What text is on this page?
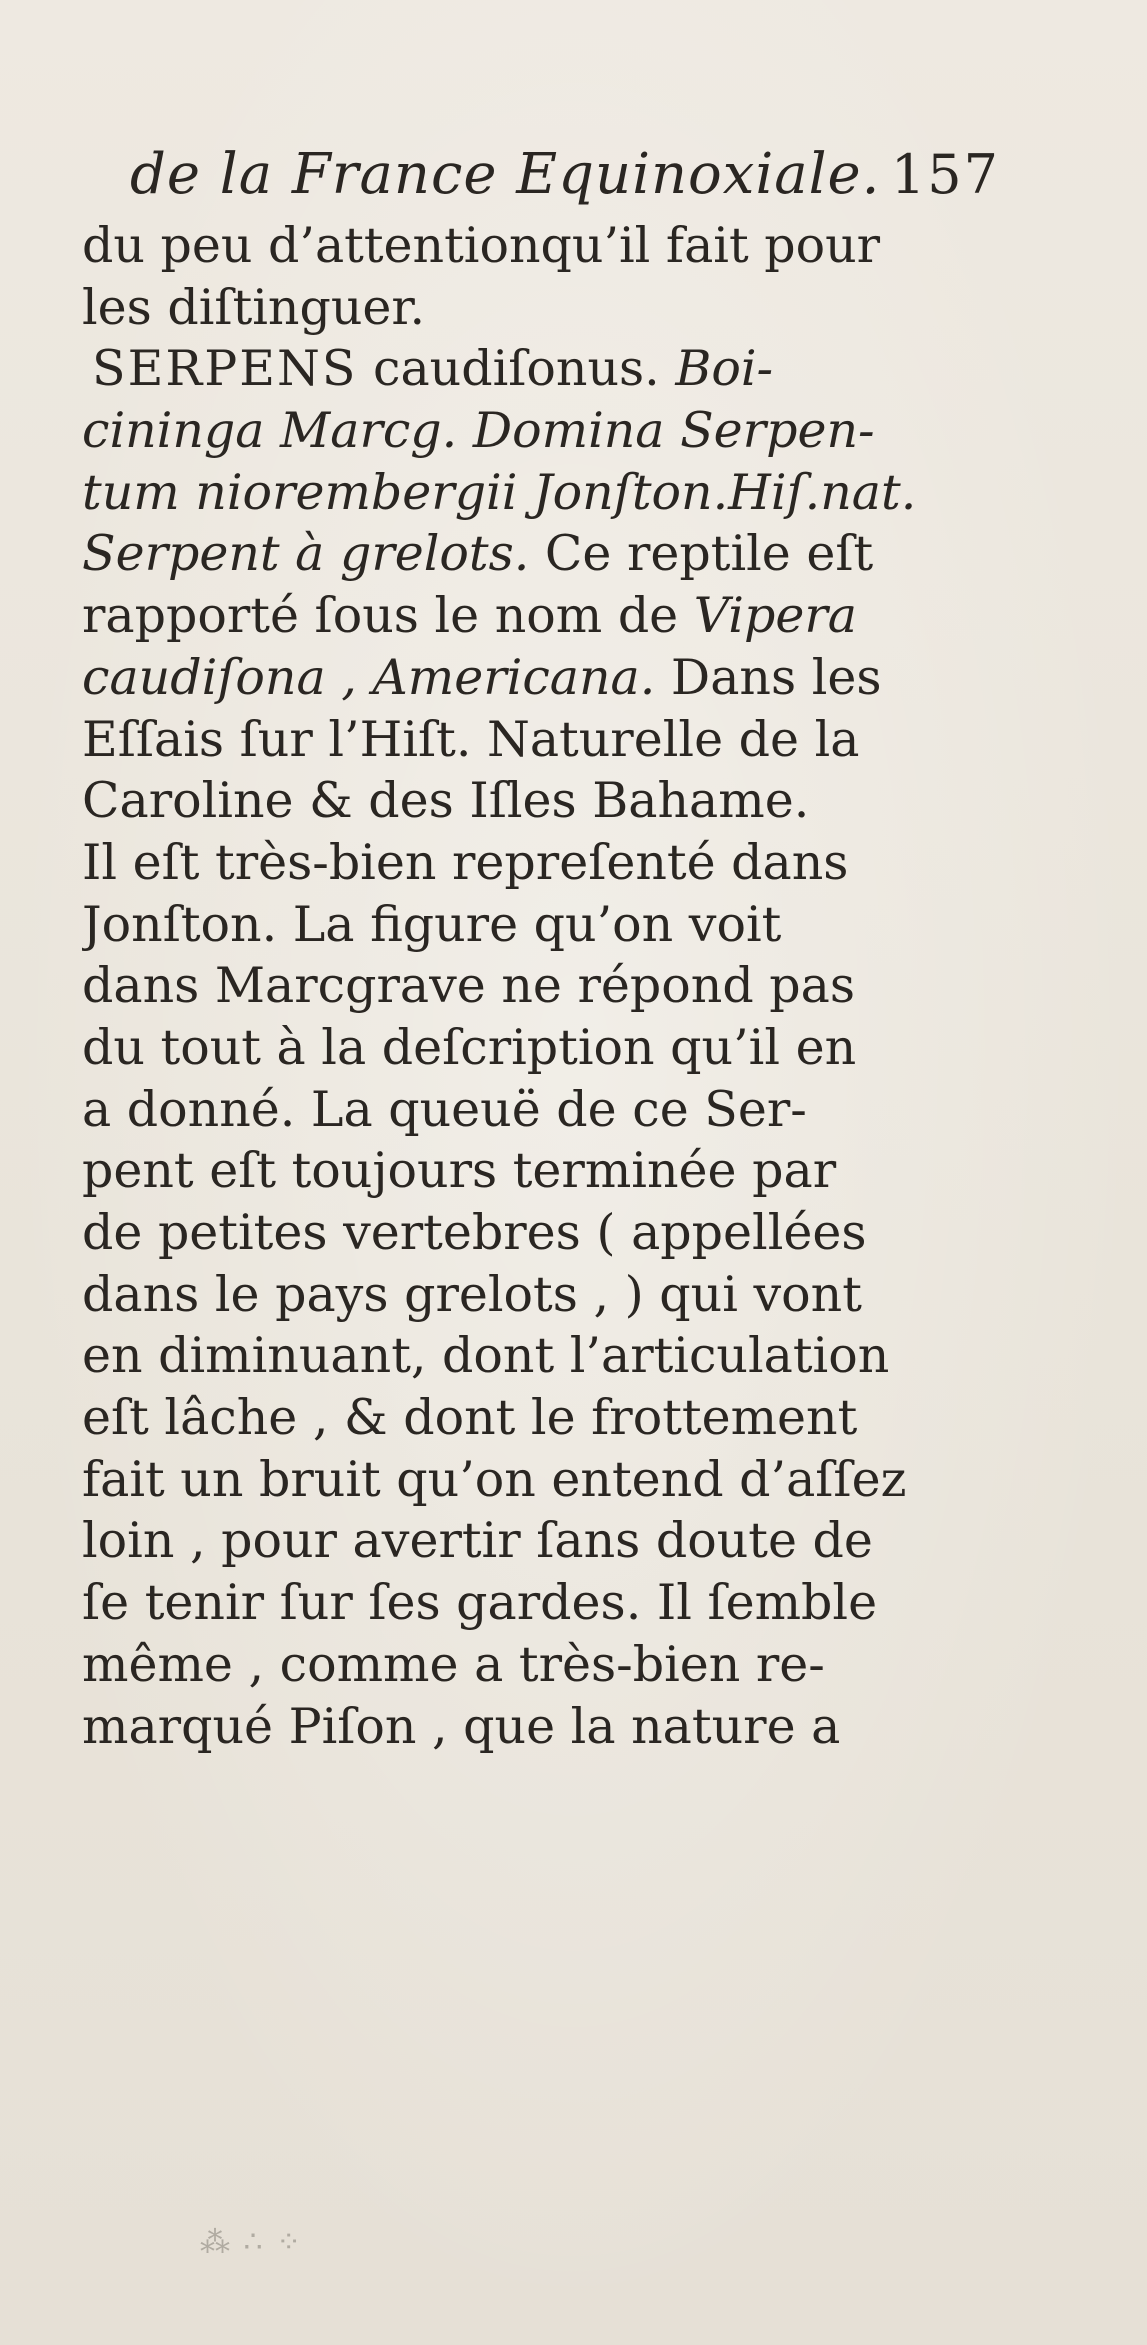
de la France Equinoxiale. 157
du peu d’attentionqu’il fait pour
les diſtinguer.
SERPENS caudiſonus. Boi-
cininga Marcg. Domina Serpen-
tum niorembergii Jonſton.Hiſ.nat.
Serpent à grelots. Ce reptile eſt
rapporté ſous le nom de Vipera
caudiſona , Americana. Dans les
Eſſais ſur l’Hiſt. Naturelle de la
Caroline & des Iſles Bahame.
Il eſt très-bien repreſenté dans
Jonſton. La figure qu’on voit
dans Marcgrave ne répond pas
du tout à la deſcription qu’il en
a donné. La queuë de ce Ser-
pent eſt toujours terminée par
de petites vertebres ( appellées
dans le pays grelots , ) qui vont
en diminuant, dont l’articulation
eſt lâche , & dont le frottement
fait un bruit qu’on entend d’aſſez
loin , pour avertir ſans doute de
ſe tenir ſur ſes gardes. Il ſemble
même , comme a très-bien re-
marqué Piſon , que la nature a
⁂ ∴ ⁘
